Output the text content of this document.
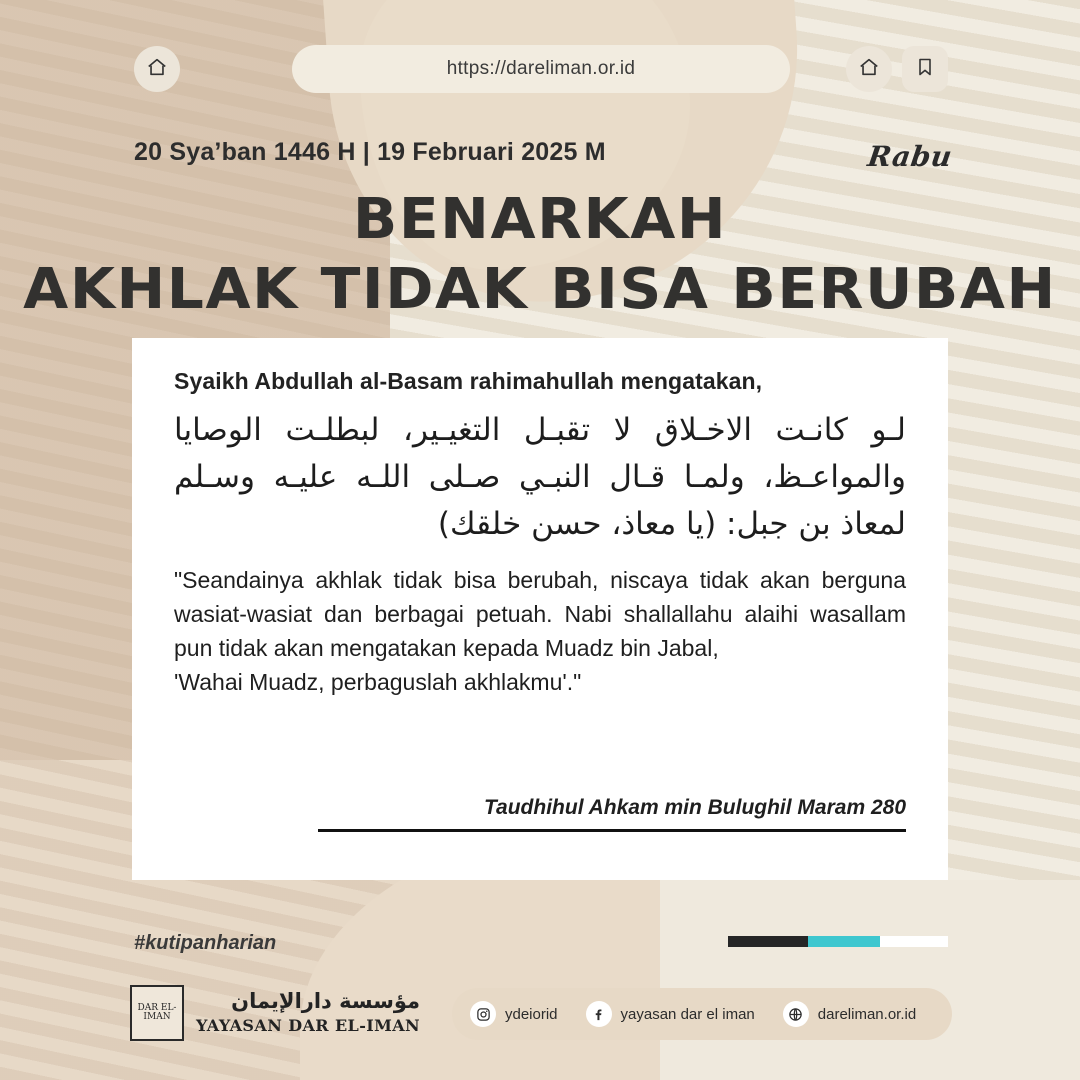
https://dareliman.or.id
20 Sya’ban 1446 H | 19 Februari 2025 M	Rabu
BENARKAH
AKHLAK TIDAK BISA BERUBAH
Syaikh Abdullah al-Basam rahimahullah mengatakan,
لـو كانـت الاخـلاق لا تقبـل التغيـير، لبطلـت الوصايا والمواعـظ، ولمـا قـال النبـي صـلى اللـه عليـه وسـلم لمعاذ بن جبل: (يا معاذ، حسن خلقك)
"Seandainya akhlak tidak bisa berubah, niscaya tidak akan berguna wasiat-wasiat dan berbagai petuah. Nabi shallallahu alaihi wasallam pun tidak akan mengatakan kepada Muadz bin Jabal,
'Wahai Muadz, perbaguslah akhlakmu'."
Taudhihul Ahkam min Bulughil Maram 280
#kutipanharian
DAR EL-IMAN
مؤسسة دارالإيمان
YAYASAN DAR EL-IMAN
ydeiorid	yayasan dar el iman	dareliman.or.id
